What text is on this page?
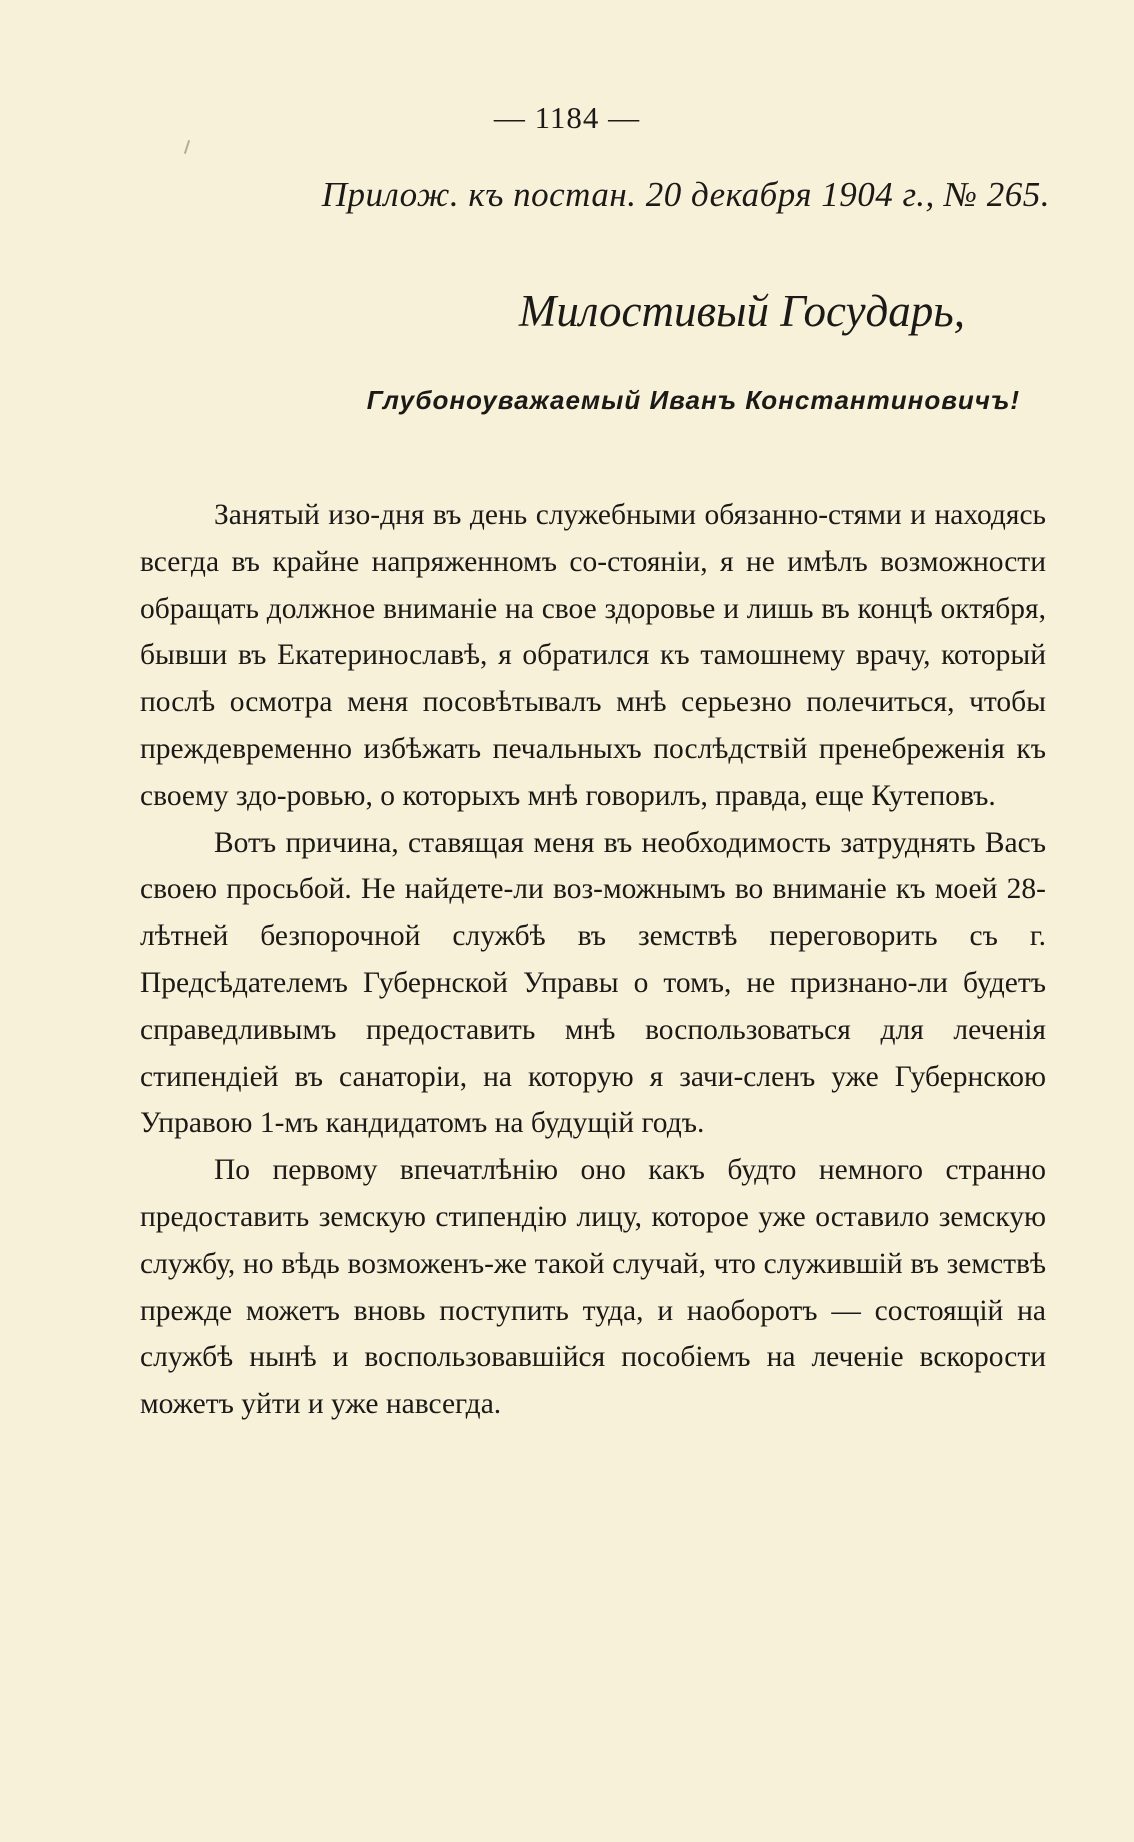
— 1184 —
Прилож. къ постан. 20 декабря 1904 г., № 265.
Милостивый Государь,
Глубоноуважаемый Иванъ Константиновичъ!

Занятый изо-дня въ день служебными обязанно-стями и находясь всегда въ крайне напряженномъ со-стояніи, я не имѣлъ возможности обращать должное вниманіе на свое здоровье и лишь въ концѣ октября, бывши въ Екатеринославѣ, я обратился къ тамошнему врачу, который послѣ осмотра меня посовѣтывалъ мнѣ серьезно полечиться, чтобы преждевременно избѣжать печальныхъ послѣдствій пренебреженія къ своему здо-ровью, о которыхъ мнѣ говорилъ, правда, еще Кутеповъ.

Вотъ причина, ставящая меня въ необходимость затруднять Васъ своею просьбой. Не найдете-ли воз-можнымъ во вниманіе къ моей 28-лѣтней безпорочной службѣ въ земствѣ переговорить съ г. Предсѣдателемъ Губернской Управы о томъ, не признано-ли будетъ справедливымъ предоставить мнѣ воспользоваться для леченія стипендіей въ санаторіи, на которую я зачи-сленъ уже Губернскою Управою 1-мъ кандидатомъ на будущій годъ.

По первому впечатлѣнію оно какъ будто немного странно предоставить земскую стипендію лицу, которое уже оставило земскую службу, но вѣдь возможенъ-же такой случай, что служившій въ земствѣ прежде можетъ вновь поступить туда, и наоборотъ — состоящій на службѣ нынѣ и воспользовавшійся пособіемъ на леченіе вскорости можетъ уйти и уже навсегда.
